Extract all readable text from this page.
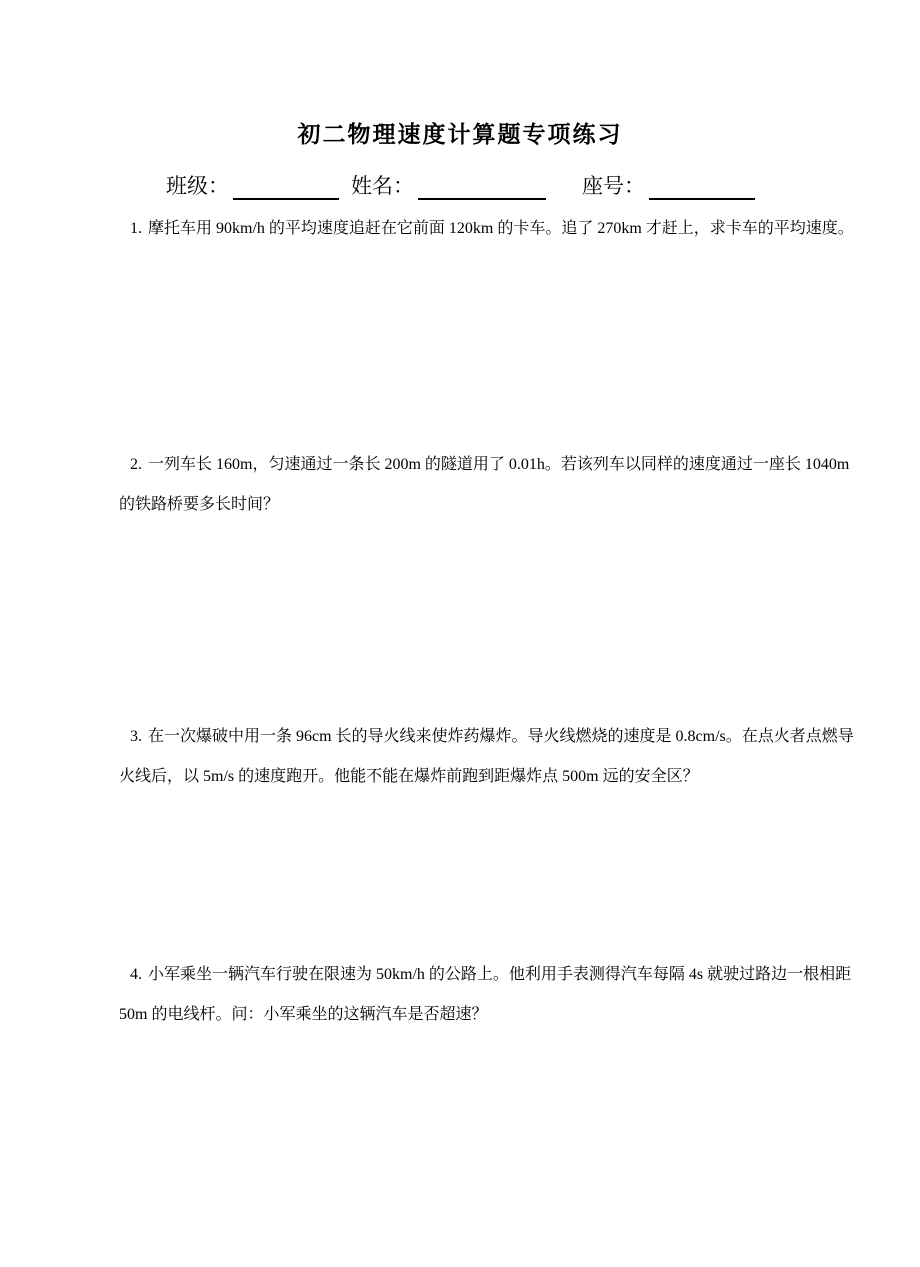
初二物理速度计算题专项练习
班级：	姓名：	座号：

1. 摩托车用 90km/h 的平均速度追赶在它前面 120km 的卡车。追了 270km 才赶上，求卡车的平均速度。

2. 一列车长 160m，匀速通过一条长 200m 的隧道用了 0.01h。若该列车以同样的速度通过一座长 1040m 的铁路桥要多长时间？

3. 在一次爆破中用一条 96cm 长的导火线来使炸药爆炸。导火线燃烧的速度是 0.8cm/s。在点火者点燃导火线后，以 5m/s 的速度跑开。他能不能在爆炸前跑到距爆炸点 500m 远的安全区？

4. 小军乘坐一辆汽车行驶在限速为 50km/h 的公路上。他利用手表测得汽车每隔 4s 就驶过路边一根相距 50m 的电线杆。问：小军乘坐的这辆汽车是否超速？
